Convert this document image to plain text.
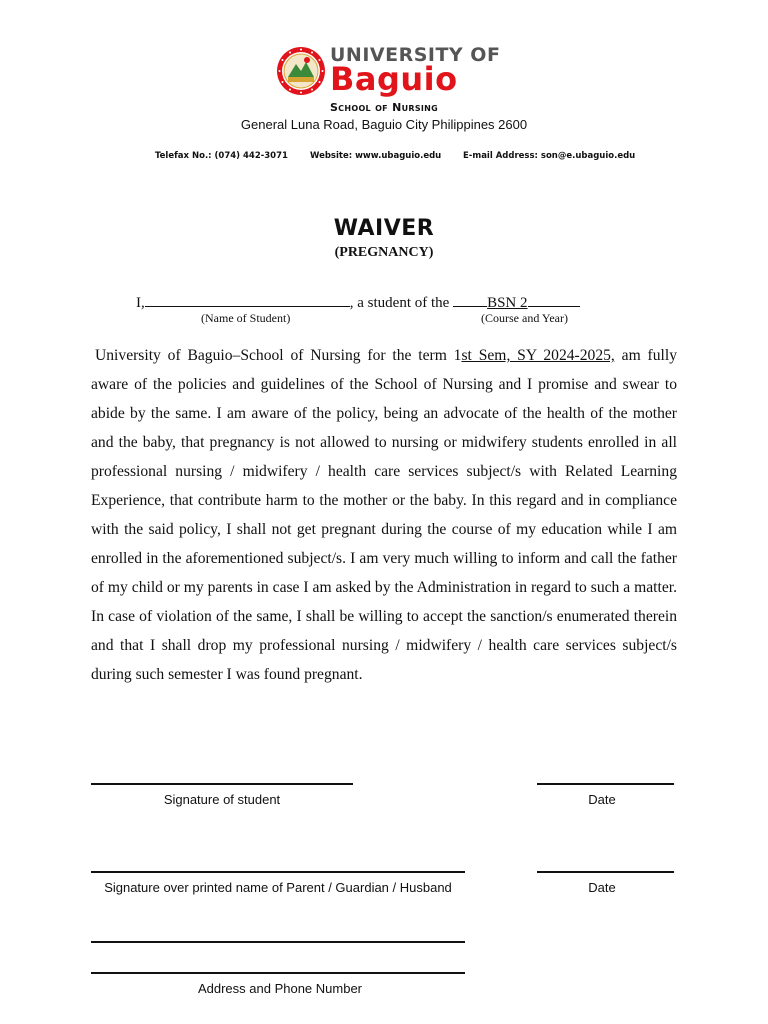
UNIVERSITY OF
Baguio
School of Nursing
General Luna Road, Baguio City Philippines 2600
Telefax No.: (074) 442-3071	Website: www.ubaguio.edu	E-mail Address: son@e.ubaguio.edu
WAIVER
(PREGNANCY)
I,	, a student of the	BSN 2
(Name of Student)	(Course and Year)

University of Baguio–School of Nursing for the term 1st Sem, SY 2024-2025, am fully aware of the policies and guidelines of the School of Nursing and I promise and swear to abide by the same. I am aware of the policy, being an advocate of the health of the mother and the baby, that pregnancy is not allowed to nursing or midwifery students enrolled in all professional nursing / midwifery / health care services subject/s with Related Learning Experience, that contribute harm to the mother or the baby. In this regard and in compliance with the said policy, I shall not get pregnant during the course of my education while I am enrolled in the aforementioned subject/s. I am very much willing to inform and call the father of my child or my parents in case I am asked by the Administration in regard to such a matter. In case of violation of the same, I shall be willing to accept the sanction/s enumerated therein and that I shall drop my professional nursing / midwifery / health care services subject/s during such semester I was found pregnant.

Signature of student	Date
Signature over printed name of Parent / Guardian / Husband	Date
Address and Phone Number
